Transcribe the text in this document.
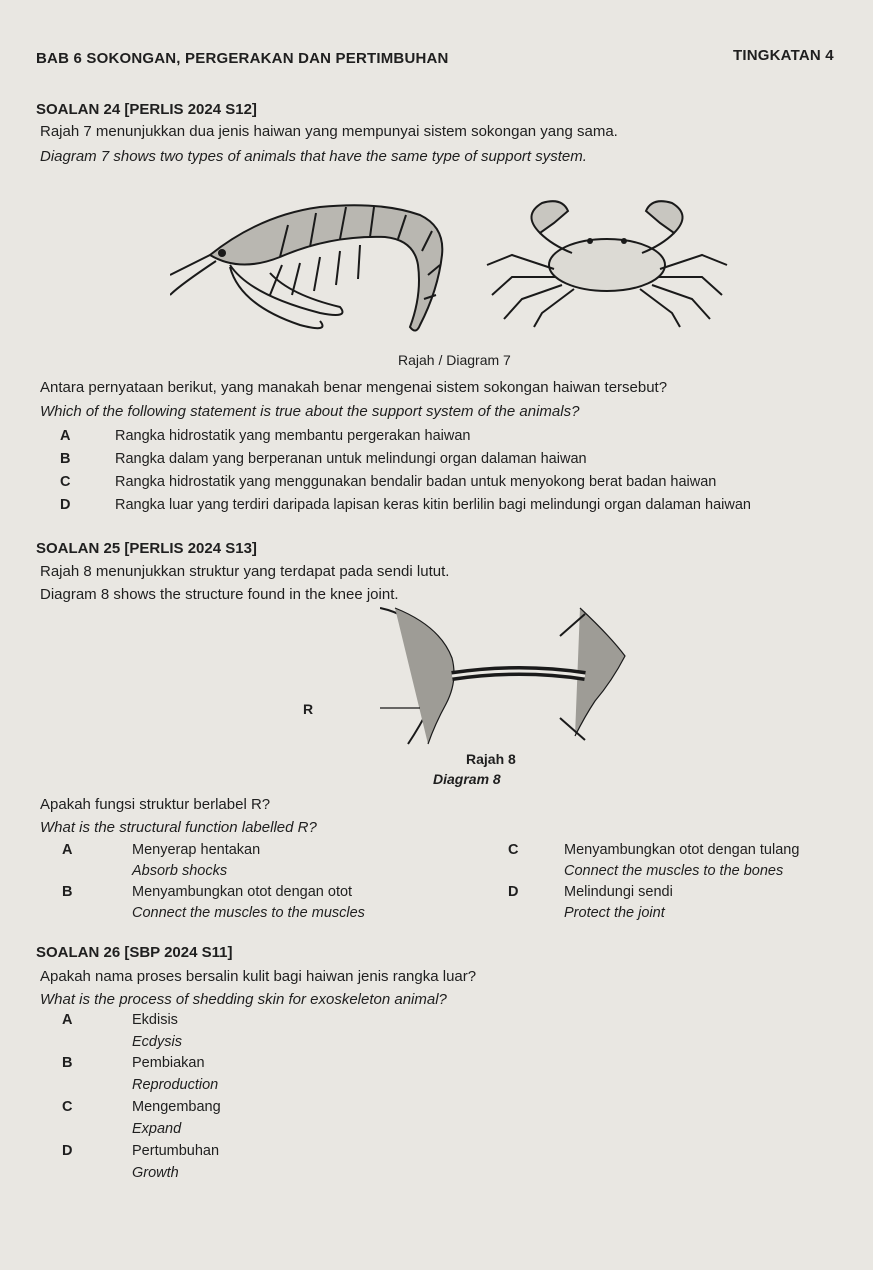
BAB 6 SOKONGAN, PERGERAKAN DAN PERTIMBUHAN	TINGKATAN 4
SOALAN 24 [PERLIS 2024 S12]
Rajah 7 menunjukkan dua jenis haiwan yang mempunyai sistem sokongan yang sama.
Diagram 7 shows two types of animals that have the same type of support system.
Rajah / Diagram 7
Antara pernyataan berikut, yang manakah benar mengenai sistem sokongan haiwan tersebut?
Which of the following statement is true about the support system of the animals?
A	Rangka hidrostatik yang membantu pergerakan haiwan
B	Rangka dalam yang berperanan untuk melindungi organ dalaman haiwan
C	Rangka hidrostatik yang menggunakan bendalir badan untuk menyokong berat badan haiwan
D	Rangka luar yang terdiri daripada lapisan keras kitin berlilin bagi melindungi organ dalaman haiwan
SOALAN 25 [PERLIS 2024 S13]
Rajah 8 menunjukkan struktur yang terdapat pada sendi lutut.
Diagram 8 shows the structure found in the knee joint.
R
Rajah 8
Diagram 8
Apakah fungsi struktur berlabel R?
What is the structural function labelled R?
A	Menyerap hentakan
Absorb shocks
B	Menyambungkan otot dengan otot
Connect the muscles to the muscles
C	Menyambungkan otot dengan tulang
Connect the muscles to the bones
D	Melindungi sendi
Protect the joint
SOALAN 26 [SBP 2024 S11]
Apakah nama proses bersalin kulit bagi haiwan jenis rangka luar?
What is the process of shedding skin for exoskeleton animal?
A	Ekdisis
Ecdysis
B	Pembiakan
Reproduction
C	Mengembang
Expand
D	Pertumbuhan
Growth
